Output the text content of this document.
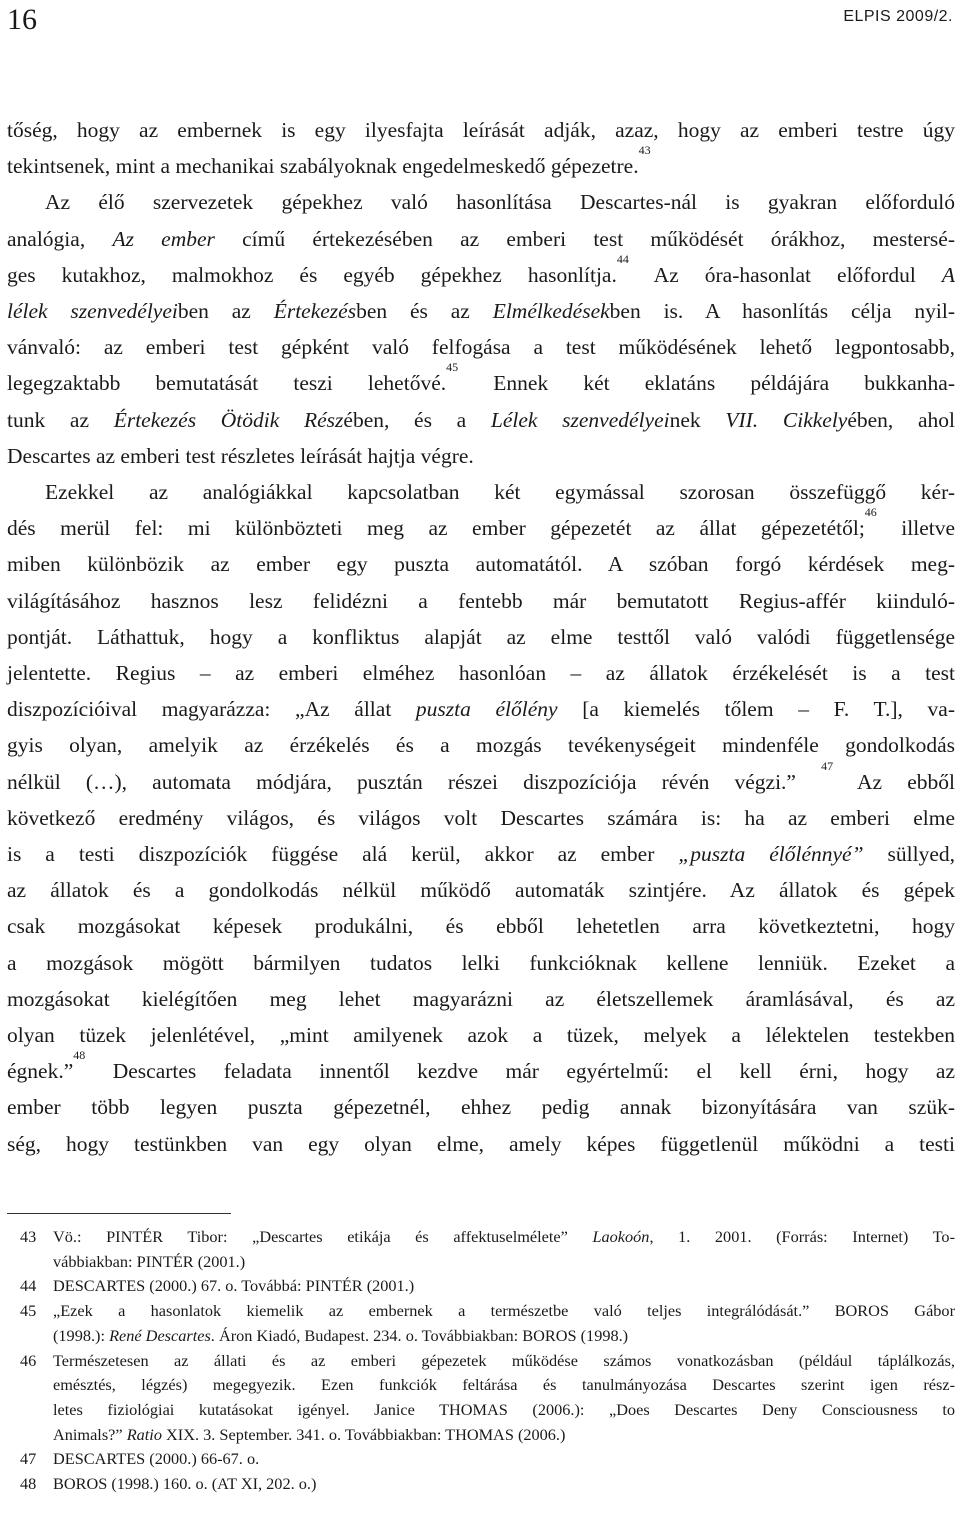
16	ELPIS 2009/2.
tőség, hogy az embernek is egy ilyesfajta leírását adják, azaz, hogy az emberi testre úgy
tekintsenek, mint a mechanikai szabályoknak engedelmeskedő gépezetre.$^{43}$
Az élő szervezetek gépekhez való hasonlítása Descartes-nál is gyakran előforduló
analógia, Az ember című értekezésében az emberi test működését órákhoz, mestersé-
ges kutakhoz, malmokhoz és egyéb gépekhez hasonlítja.$^{44}$ Az óra-hasonlat előfordul A
lélek szenvedélyeiben az Értekezésben és az Elmélkedésekben is. A hasonlítás célja nyil-
vánvaló: az emberi test gépként való felfogása a test működésének lehető legpontosabb,
legegzaktabb bemutatását teszi lehetővé.$^{45}$ Ennek két eklatáns példájára bukkanha-
tunk az Értekezés Ötödik Részében, és a Lélek szenvedélyeinek VII. Cikkelyében, ahol
Descartes az emberi test részletes leírását hajtja végre.
Ezekkel az analógiákkal kapcsolatban két egymással szorosan összefüggő kér-
dés merül fel: mi különbözteti meg az ember gépezetét az állat gépezetétől;$^{46}$ illetve
miben különbözik az ember egy puszta automatától. A szóban forgó kérdések meg-
világításához hasznos lesz felidézni a fentebb már bemutatott Regius-affér kiinduló-
pontját. Láthattuk, hogy a konfliktus alapját az elme testtől való valódi függetlensége
jelentette. Regius – az emberi elméhez hasonlóan – az állatok érzékelését is a test
diszpozícióival magyarázza: „Az állat puszta élőlény [a kiemelés tőlem – F. T.], va-
gyis olyan, amelyik az érzékelés és a mozgás tevékenységeit mindenféle gondolkodás
nélkül (…), automata módjára, pusztán részei diszpozíciója révén végzi.” $^{47}$ Az ebből
következő eredmény világos, és világos volt Descartes számára is: ha az emberi elme
is a testi diszpozíciók függése alá kerül, akkor az ember „puszta élőlénnyé” süllyed,
az állatok és a gondolkodás nélkül működő automaták szintjére. Az állatok és gépek
csak mozgásokat képesek produkálni, és ebből lehetetlen arra következtetni, hogy
a mozgások mögött bármilyen tudatos lelki funkcióknak kellene lenniük. Ezeket a
mozgásokat kielégítően meg lehet magyarázni az életszellemek áramlásával, és az
olyan tüzek jelenlétével, „mint amilyenek azok a tüzek, melyek a lélektelen testekben
égnek.”$^{48}$ Descartes feladata innentől kezdve már egyértelmű: el kell érni, hogy az
ember több legyen puszta gépezetnél, ehhez pedig annak bizonyítására van szük-
ség, hogy testünkben van egy olyan elme, amely képes függetlenül működni a testi
43 Vö.: PINTÉR Tibor: „Descartes etikája és affektuselmélete” Laokoón, 1. 2001. (Forrás: Internet) To-
vábbiakban: PINTÉR (2001.)
44 DESCARTES (2000.) 67. o. Továbbá: PINTÉR (2001.)
45 „Ezek a hasonlatok kiemelik az embernek a természetbe való teljes integrálódását.” BOROS Gábor
(1998.): René Descartes. Áron Kiadó, Budapest. 234. o. Továbbiakban: BOROS (1998.)
46 Természetesen az állati és az emberi gépezetek működése számos vonatkozásban (például táplálkozás,
emésztés, légzés) megegyezik. Ezen funkciók feltárása és tanulmányozása Descartes szerint igen rész-
letes fiziológiai kutatásokat igényel. Janice THOMAS (2006.): „Does Descartes Deny Consciousness to
Animals?” Ratio XIX. 3. September. 341. o. Továbbiakban: THOMAS (2006.)
47 DESCARTES (2000.) 66-67. o.
48 BOROS (1998.) 160. o. (AT XI, 202. o.)
